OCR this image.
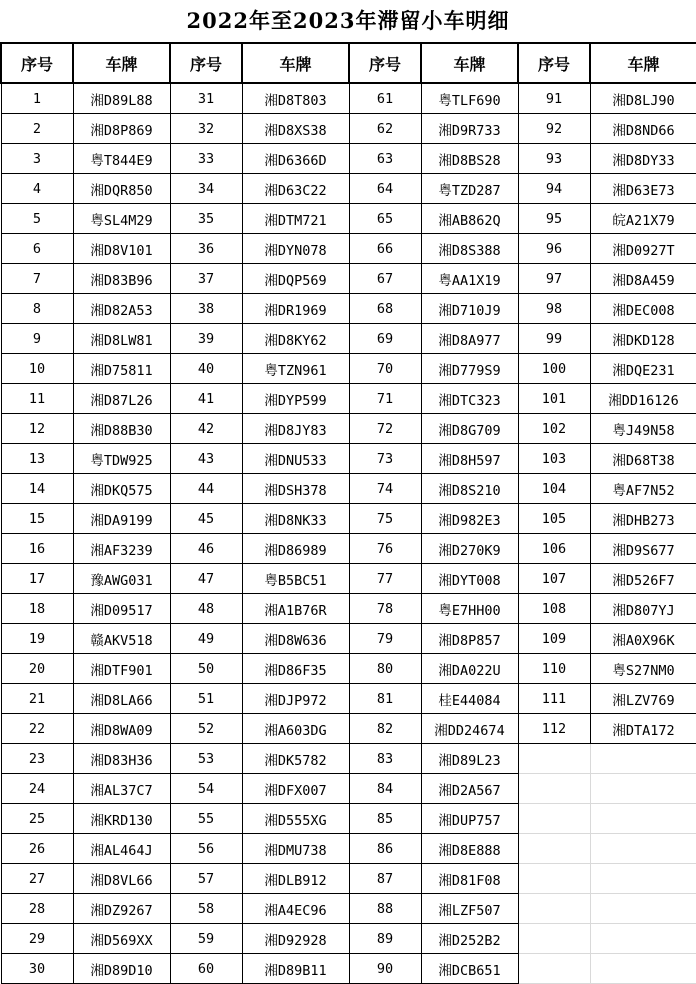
2022年至2023年滞留小车明细
序号	车牌	序号	车牌	序号	车牌	序号	车牌
1	湘D89L88	31	湘D8T803	61	粤TLF690	91	湘D8LJ90
2	湘D8P869	32	湘D8XS38	62	湘D9R733	92	湘D8ND66
3	粤T844E9	33	湘D6366D	63	湘D8BS28	93	湘D8DY33
4	湘DQR850	34	湘D63C22	64	粤TZD287	94	湘D63E73
5	粤SL4M29	35	湘DTM721	65	湘AB862Q	95	皖A21X79
6	湘D8V101	36	湘DYN078	66	湘D8S388	96	湘D0927T
7	湘D83B96	37	湘DQP569	67	粤AA1X19	97	湘D8A459
8	湘D82A53	38	湘DR1969	68	湘D710J9	98	湘DEC008
9	湘D8LW81	39	湘D8KY62	69	湘D8A977	99	湘DKD128
10	湘D75811	40	粤TZN961	70	湘D779S9	100	湘DQE231
11	湘D87L26	41	湘DYP599	71	湘DTC323	101	湘DD16126
12	湘D88B30	42	湘D8JY83	72	湘D8G709	102	粤J49N58
13	粤TDW925	43	湘DNU533	73	湘D8H597	103	湘D68T38
14	湘DKQ575	44	湘DSH378	74	湘D8S210	104	粤AF7N52
15	湘DA9199	45	湘D8NK33	75	湘D982E3	105	湘DHB273
16	湘AF3239	46	湘D86989	76	湘D270K9	106	湘D9S677
17	豫AWG031	47	粤B5BC51	77	湘DYT008	107	湘D526F7
18	湘D09517	48	湘A1B76R	78	粤E7HH00	108	湘D807YJ
19	赣AKV518	49	湘D8W636	79	湘D8P857	109	湘A0X96K
20	湘DTF901	50	湘D86F35	80	湘DA022U	110	粤S27NM0
21	湘D8LA66	51	湘DJP972	81	桂E44084	111	湘LZV769
22	湘D8WA09	52	湘A603DG	82	湘DD24674	112	湘DTA172
23	湘D83H36	53	湘DK5782	83	湘D89L23		
24	湘AL37C7	54	湘DFX007	84	湘D2A567		
25	湘KRD130	55	湘D555XG	85	湘DUP757		
26	湘AL464J	56	湘DMU738	86	湘D8E888		
27	湘D8VL66	57	湘DLB912	87	湘D81F08		
28	湘DZ9267	58	湘A4EC96	88	湘LZF507		
29	湘D569XX	59	湘D92928	89	湘D252B2		
30	湘D89D10	60	湘D89B11	90	湘DCB651		
